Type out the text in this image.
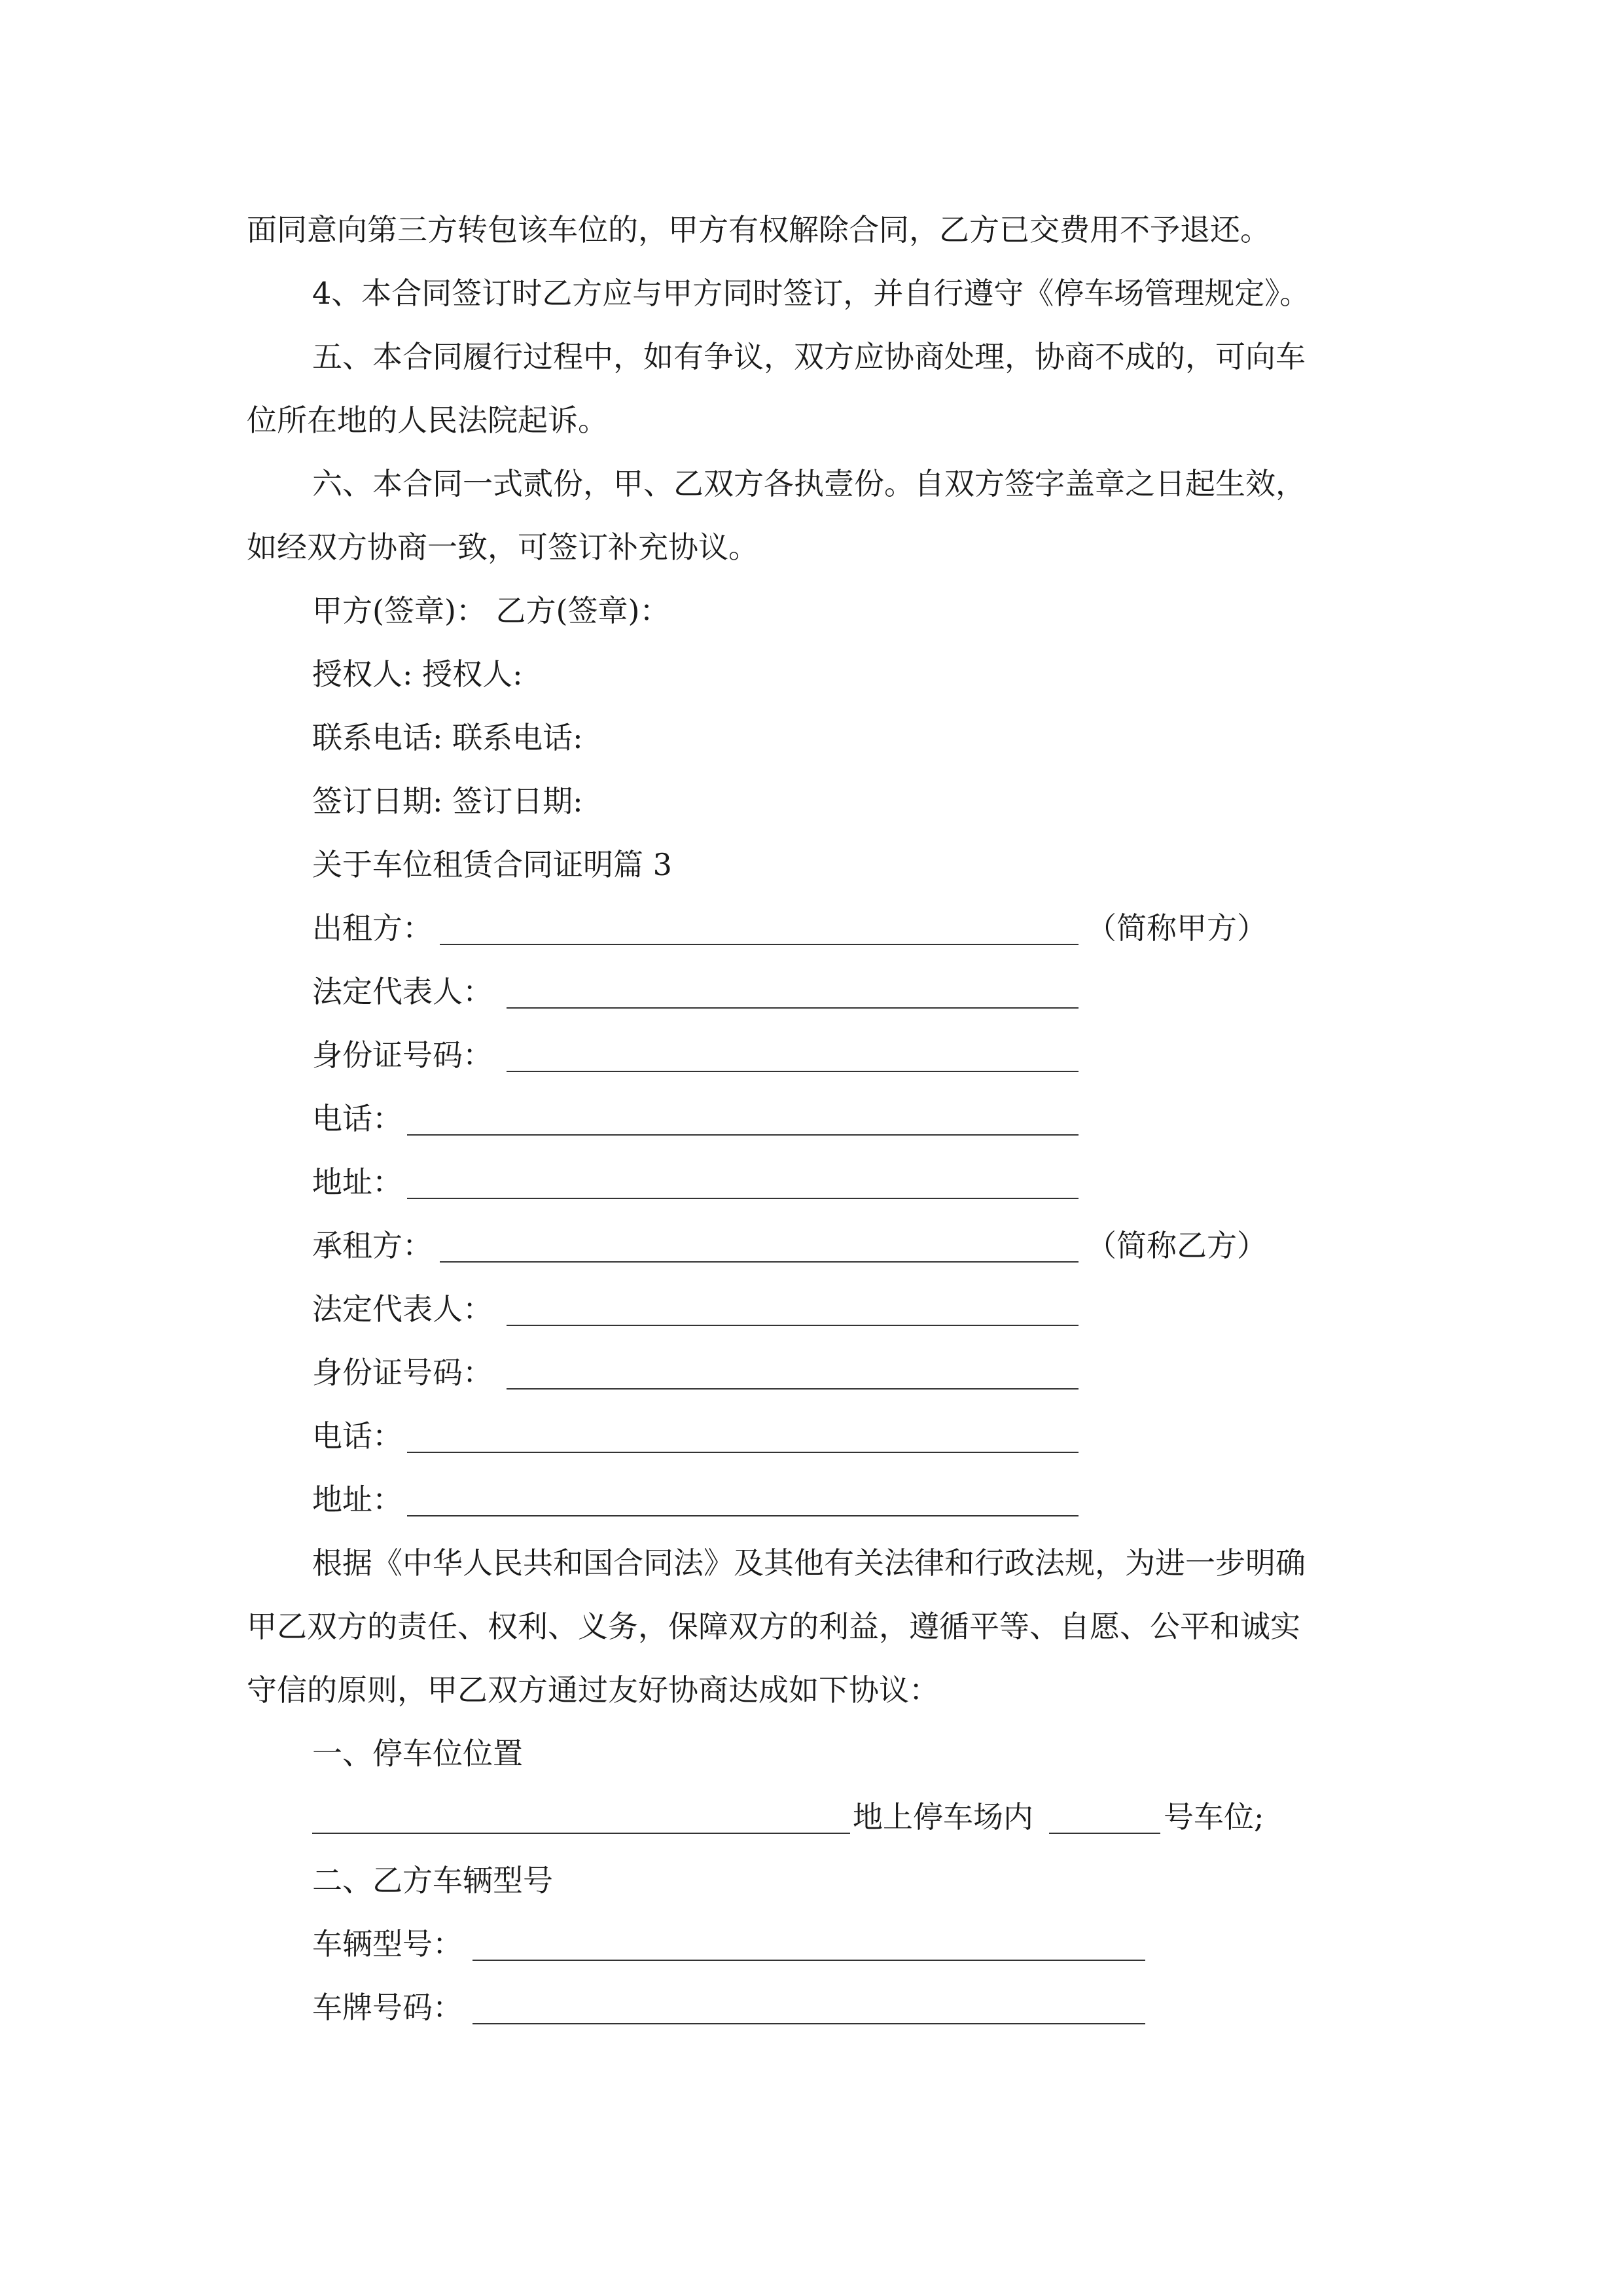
面同意向第三方转包该车位的，甲方有权解除合同，乙方已交费用不予退还。
4、本合同签订时乙方应与甲方同时签订，并自行遵守《停车场管理规定》。
五、本合同履行过程中，如有争议，双方应协商处理，协商不成的，可向车
位所在地的人民法院起诉。
六、本合同一式贰份，甲、乙双方各执壹份。自双方签字盖章之日起生效，
如经双方协商一致，可签订补充协议。
甲方(签章)： 乙方(签章)：
授权人: 授权人:
联系电话: 联系电话:
签订日期: 签订日期:
关于车位租赁合同证明篇 3
出租方：	（简称甲方）
法定代表人：
身份证号码：
电话：
地址：
承租方：	（简称乙方）
法定代表人：
身份证号码：
电话：
地址：
根据《中华人民共和国合同法》及其他有关法律和行政法规，为进一步明确
甲乙双方的责任、权利、义务，保障双方的利益，遵循平等、自愿、公平和诚实
守信的原则，甲乙双方通过友好协商达成如下协议：
一、停车位位置
地上停车场内	号车位;
二、乙方车辆型号
车辆型号：
车牌号码：
